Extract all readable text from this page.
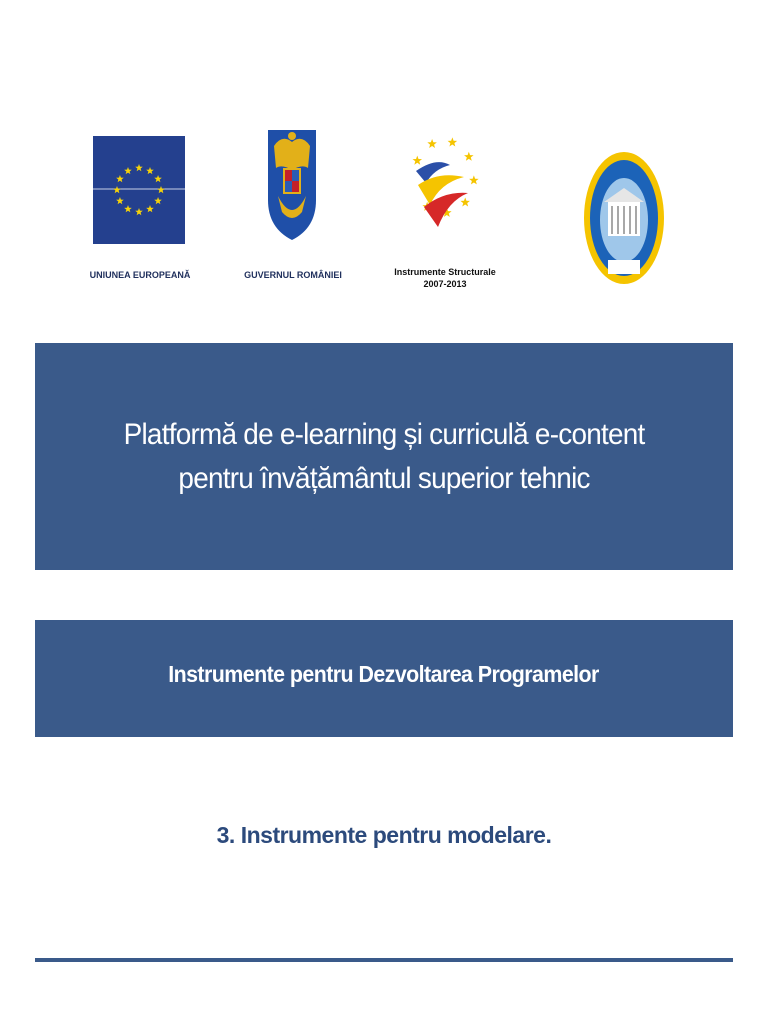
UNIUNEA EUROPEANĂ	GUVERNUL ROMÂNIEI	Instrumente Structurale
2007-2013
Platformă de e-learning și curriculă e-content
pentru învățământul superior tehnic
Instrumente pentru Dezvoltarea Programelor
3. Instrumente pentru modelare.
